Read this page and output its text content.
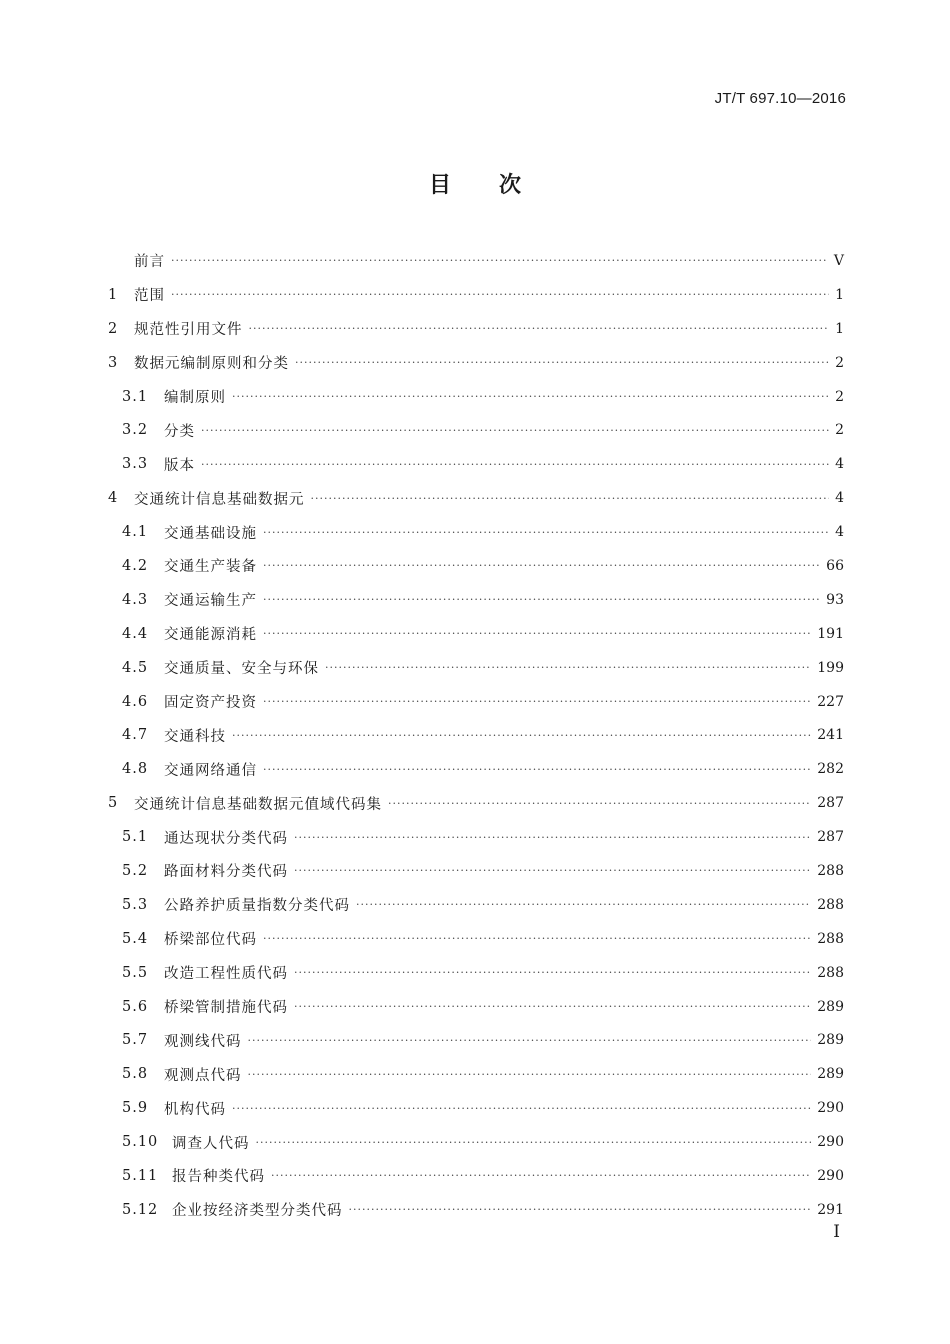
JT/T 697.10—2016
目次
前言 ·····	V
1	范围 ·····	1
2	规范性引用文件 ·····	1
3	数据元编制原则和分类 ·····	2
3.1	编制原则 ·····	2
3.2	分类 ·····	2
3.3	版本 ·····	4
4	交通统计信息基础数据元 ·····	4
4.1	交通基础设施 ·····	4
4.2	交通生产装备 ·····	66
4.3	交通运输生产 ·····	93
4.4	交通能源消耗 ·····	191
4.5	交通质量、安全与环保 ·····	199
4.6	固定资产投资 ·····	227
4.7	交通科技 ·····	241
4.8	交通网络通信 ·····	282
5	交通统计信息基础数据元值域代码集 ·····	287
5.1	通达现状分类代码 ·····	287
5.2	路面材料分类代码 ·····	288
5.3	公路养护质量指数分类代码 ·····	288
5.4	桥梁部位代码 ·····	288
5.5	改造工程性质代码 ·····	288
5.6	桥梁管制措施代码 ·····	289
5.7	观测线代码 ·····	289
5.8	观测点代码 ·····	289
5.9	机构代码 ·····	290
5.10 调查人代码 ·····	290
5.11 报告种类代码 ·····	290
5.12 企业按经济类型分类代码 ·····	291
I
